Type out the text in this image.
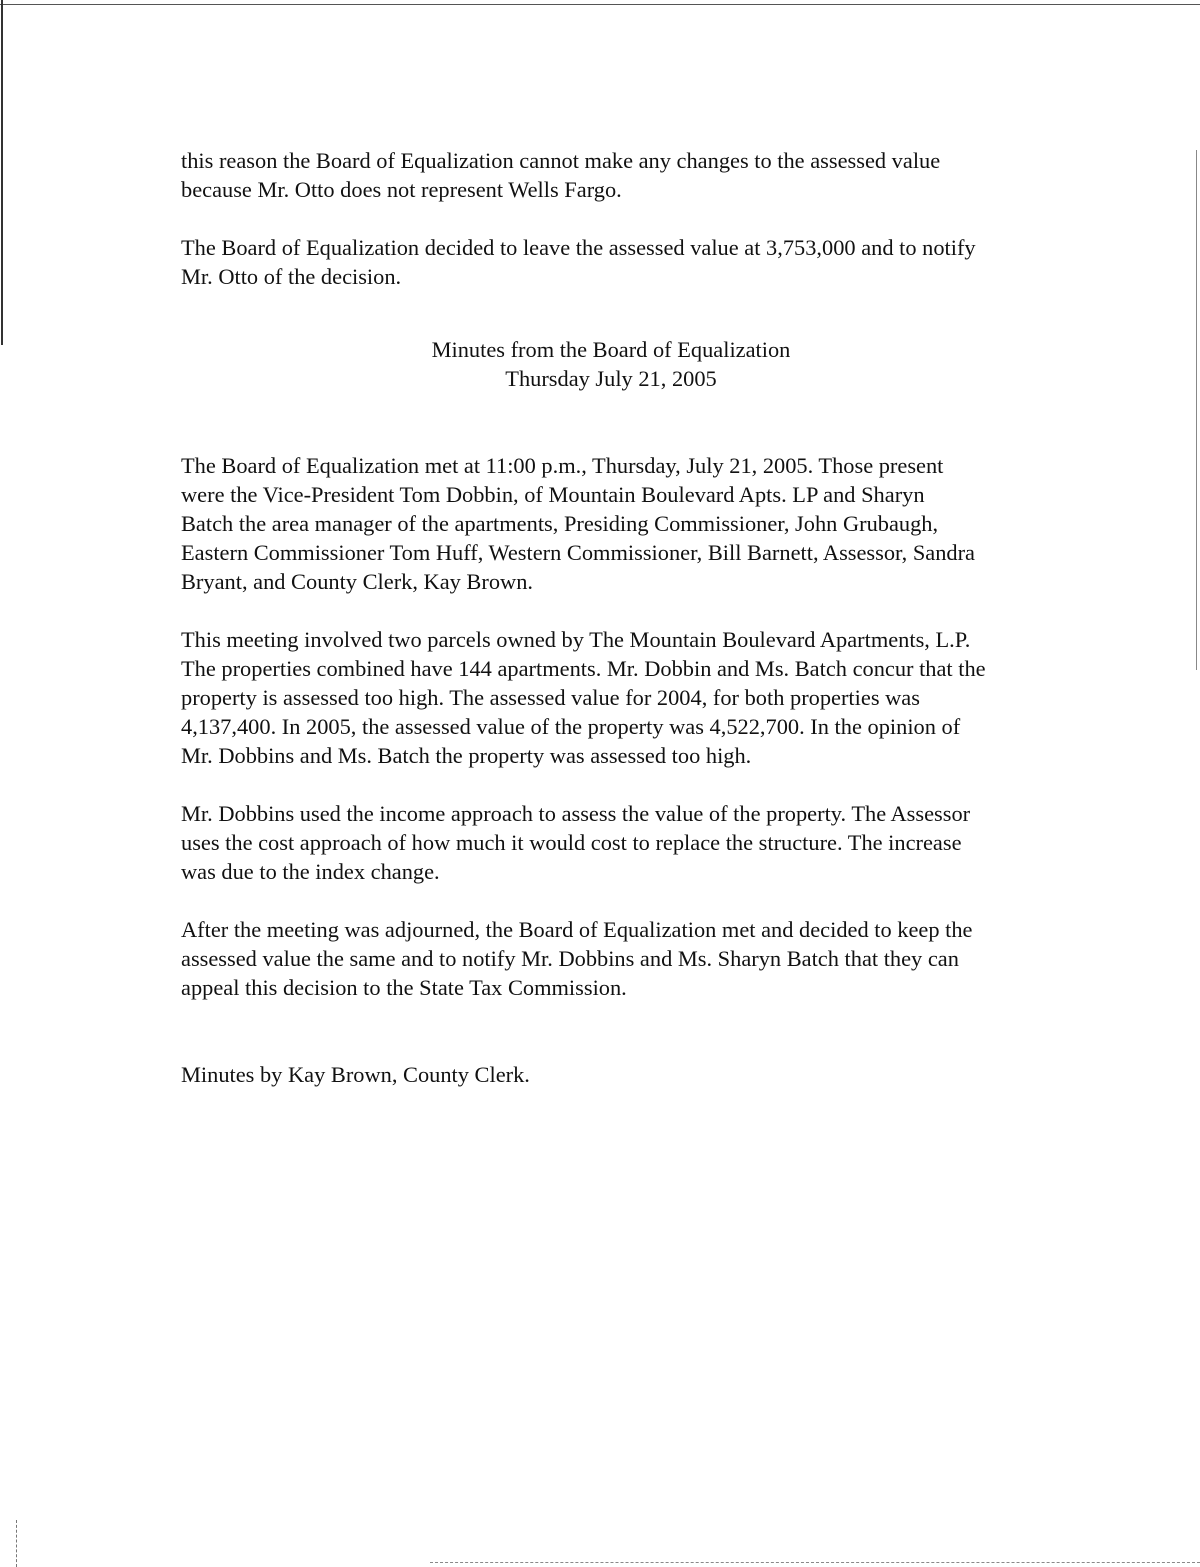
this reason the Board of Equalization cannot make any changes to the assessed value
because Mr. Otto does not represent Wells Fargo.

The Board of Equalization decided to leave the assessed value at 3,753,000 and to notify
Mr. Otto of the decision.

Minutes from the Board of Equalization
Thursday July 21, 2005

The Board of Equalization met at 11:00 p.m., Thursday, July 21, 2005. Those present
were the Vice-President Tom Dobbin, of Mountain Boulevard Apts. LP and Sharyn
Batch the area manager of the apartments, Presiding Commissioner, John Grubaugh,
Eastern Commissioner Tom Huff, Western Commissioner, Bill Barnett, Assessor, Sandra
Bryant, and County Clerk, Kay Brown.

This meeting involved two parcels owned by The Mountain Boulevard Apartments, L.P.
The properties combined have 144 apartments. Mr. Dobbin and Ms. Batch concur that the
property is assessed too high. The assessed value for 2004, for both properties was
4,137,400. In 2005, the assessed value of the property was 4,522,700. In the opinion of
Mr. Dobbins and Ms. Batch the property was assessed too high.

Mr. Dobbins used the income approach to assess the value of the property. The Assessor
uses the cost approach of how much it would cost to replace the structure. The increase
was due to the index change.

After the meeting was adjourned, the Board of Equalization met and decided to keep the
assessed value the same and to notify Mr. Dobbins and Ms. Sharyn Batch that they can
appeal this decision to the State Tax Commission.

Minutes by Kay Brown, County Clerk.
